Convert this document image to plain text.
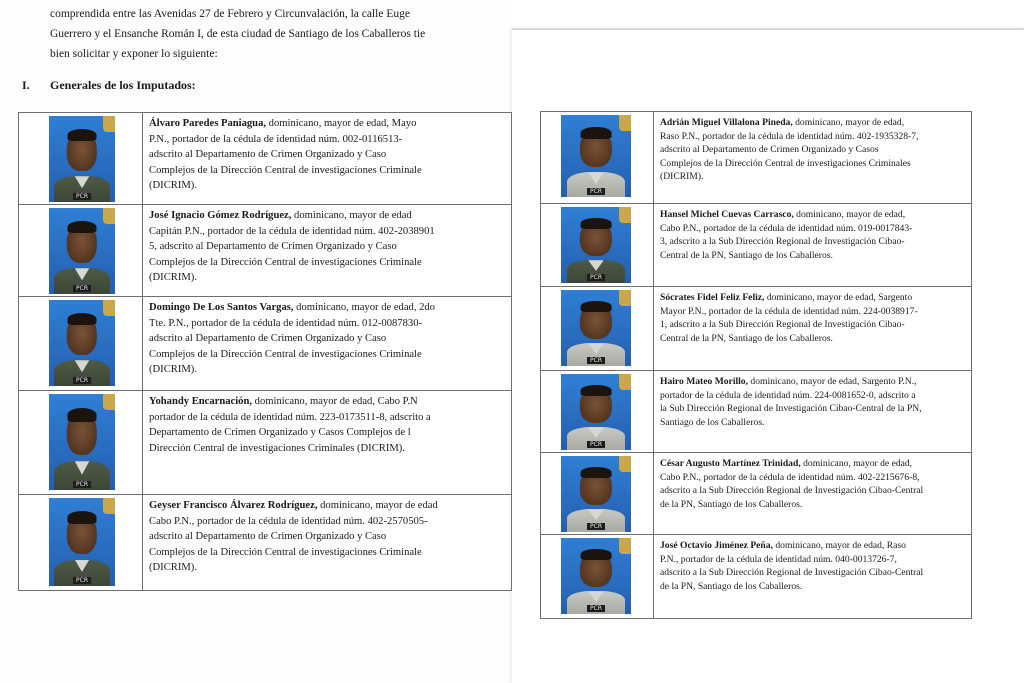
comprendida entre las Avenidas 27 de Febrero y Circunvalación, la calle Euge
Guerrero y el Ensanche Román I, de esta ciudad de Santiago de los Caballeros tie
bien solicitar y exponer lo siguiente:
I. Generales de los Imputados:
PCR	Álvaro Paredes Paniagua, dominicano, mayor de edad, Mayo
P.N., portador de la cédula de identidad núm. 002-0116513-
adscrito al Departamento de Crimen Organizado y Caso
Complejos de la Dirección Central de investigaciones Criminale
(DICRIM).

PCR	José Ignacio Gómez Rodríguez, dominicano, mayor de edad
Capitán P.N., portador de la cédula de identidad núm. 402-2038901
5, adscrito al Departamento de Crimen Organizado y Caso
Complejos de la Dirección Central de investigaciones Criminale
(DICRIM).

PCR	Domingo De Los Santos Vargas, dominicano, mayor de edad, 2do
Tte. P.N., portador de la cédula de identidad núm. 012-0087830-
adscrito al Departamento de Crimen Organizado y Caso
Complejos de la Dirección Central de investigaciones Criminale
(DICRIM).

PCR	Yohandy Encarnación, dominicano, mayor de edad, Cabo P.N
portador de la cédula de identidad núm. 223-0173511-8, adscrito a
Departamento de Crimen Organizado y Casos Complejos de l
Dirección Central de investigaciones Criminales (DICRIM).

PCR	Geyser Francisco Álvarez Rodríguez, dominicano, mayor de edad
Cabo P.N., portador de la cédula de identidad núm. 402-2570505-
adscrito al Departamento de Crimen Organizado y Caso
Complejos de la Dirección Central de investigaciones Criminale
(DICRIM).
PCR	Adrián Miguel Villalona Pineda, dominicano, mayor de edad,
Raso P.N., portador de la cédula de identidad núm. 402-1935328-7,
adscrito al Departamento de Crimen Organizado y Casos
Complejos de la Dirección Central de investigaciones Criminales
(DICRIM).

PCR	Hansel Michel Cuevas Carrasco, dominicano, mayor de edad,
Cabo P.N., portador de la cédula de identidad núm. 019-0017843-
3, adscrito a la Sub Dirección Regional de Investigación Cibao-
Central de la PN, Santiago de los Caballeros.

PCR	Sócrates Fidel Feliz Feliz, dominicano, mayor de edad, Sargento
Mayor P.N., portador de la cédula de identidad núm. 224-0038917-
1, adscrito a la Sub Dirección Regional de Investigación Cibao-
Central de la PN, Santiago de los Caballeros.

PCR	Hairo Mateo Morillo, dominicano, mayor de edad, Sargento P.N.,
portador de la cédula de identidad núm. 224-0081652-0, adscrito a
la Sub Dirección Regional de Investigación Cibao-Central de la PN,
Santiago de los Caballeros.

PCR	César Augusto Martínez Trinidad, dominicano, mayor de edad,
Cabo P.N., portador de la cédula de identidad núm. 402-2215676-8,
adscrito a la Sub Dirección Regional de Investigación Cibao-Central
de la PN, Santiago de los Caballeros.

PCR	José Octavio Jiménez Peña, dominicano, mayor de edad, Raso
P.N., portador de la cédula de identidad núm. 040-0013726-7,
adscrito a la Sub Dirección Regional de Investigación Cibao-Central
de la PN, Santiago de los Caballeros.
